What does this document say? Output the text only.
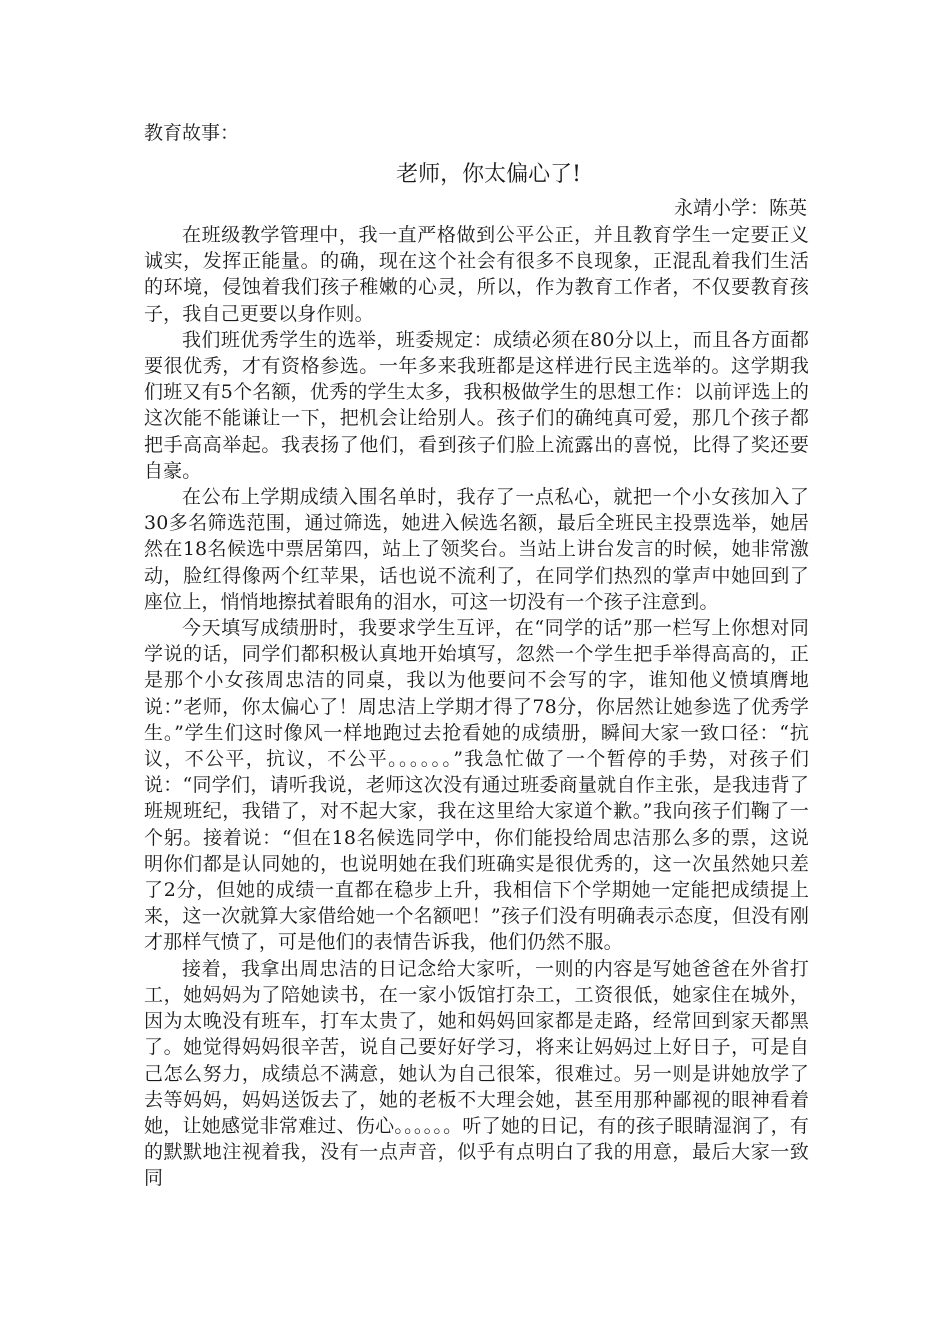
教育故事：

老师，你太偏心了!

永靖小学：陈英

在班级教学管理中，我一直严格做到公平公正，并且教育学生一定要正义诚实，发挥正能量。的确，现在这个社会有很多不良现象，正混乱着我们生活的环境，侵蚀着我们孩子稚嫩的心灵，所以，作为教育工作者，不仅要教育孩子，我自己更要以身作则。

我们班优秀学生的选举，班委规定：成绩必须在80分以上，而且各方面都要很优秀，才有资格参选。一年多来我班都是这样进行民主选举的。这学期我们班又有5个名额，优秀的学生太多，我积极做学生的思想工作：以前评选上的这次能不能谦让一下，把机会让给别人。孩子们的确纯真可爱，那几个孩子都把手高高举起。我表扬了他们，看到孩子们脸上流露出的喜悦，比得了奖还要自豪。

在公布上学期成绩入围名单时，我存了一点私心，就把一个小女孩加入了30多名筛选范围，通过筛选，她进入候选名额，最后全班民主投票选举，她居然在18名候选中票居第四，站上了领奖台。当站上讲台发言的时候，她非常激动，脸红得像两个红苹果，话也说不流利了，在同学们热烈的掌声中她回到了座位上，悄悄地擦拭着眼角的泪水，可这一切没有一个孩子注意到。

今天填写成绩册时，我要求学生互评，在“同学的话”那一栏写上你想对同学说的话，同学们都积极认真地开始填写，忽然一个学生把手举得高高的，正是那个小女孩周忠洁的同桌，我以为他要问不会写的字，谁知他义愤填膺地说：”老师，你太偏心了！周忠洁上学期才得了78分，你居然让她参选了优秀学生。”学生们这时像风一样地跑过去抢看她的成绩册，瞬间大家一致口径：“抗议，不公平，抗议，不公平。。。。。。”我急忙做了一个暂停的手势，对孩子们说：“同学们，请听我说，老师这次没有通过班委商量就自作主张，是我违背了班规班纪，我错了，对不起大家，我在这里给大家道个歉。”我向孩子们鞠了一个躬。接着说：“但在18名候选同学中，你们能投给周忠洁那么多的票，这说明你们都是认同她的，也说明她在我们班确实是很优秀的，这一次虽然她只差了2分，但她的成绩一直都在稳步上升，我相信下个学期她一定能把成绩提上来，这一次就算大家借给她一个名额吧！”孩子们没有明确表示态度，但没有刚才那样气愤了，可是他们的表情告诉我，他们仍然不服。

接着，我拿出周忠洁的日记念给大家听，一则的内容是写她爸爸在外省打工，她妈妈为了陪她读书，在一家小饭馆打杂工，工资很低，她家住在城外，因为太晚没有班车，打车太贵了，她和妈妈回家都是走路，经常回到家天都黑了。她觉得妈妈很辛苦，说自己要好好学习，将来让妈妈过上好日子，可是自己怎么努力，成绩总不满意，她认为自己很笨，很难过。另一则是讲她放学了去等妈妈，妈妈送饭去了，她的老板不大理会她，甚至用那种鄙视的眼神看着她，让她感觉非常难过、伤心。。。。。。听了她的日记，有的孩子眼睛湿润了，有的默默地注视着我，没有一点声音，似乎有点明白了我的用意，最后大家一致同
